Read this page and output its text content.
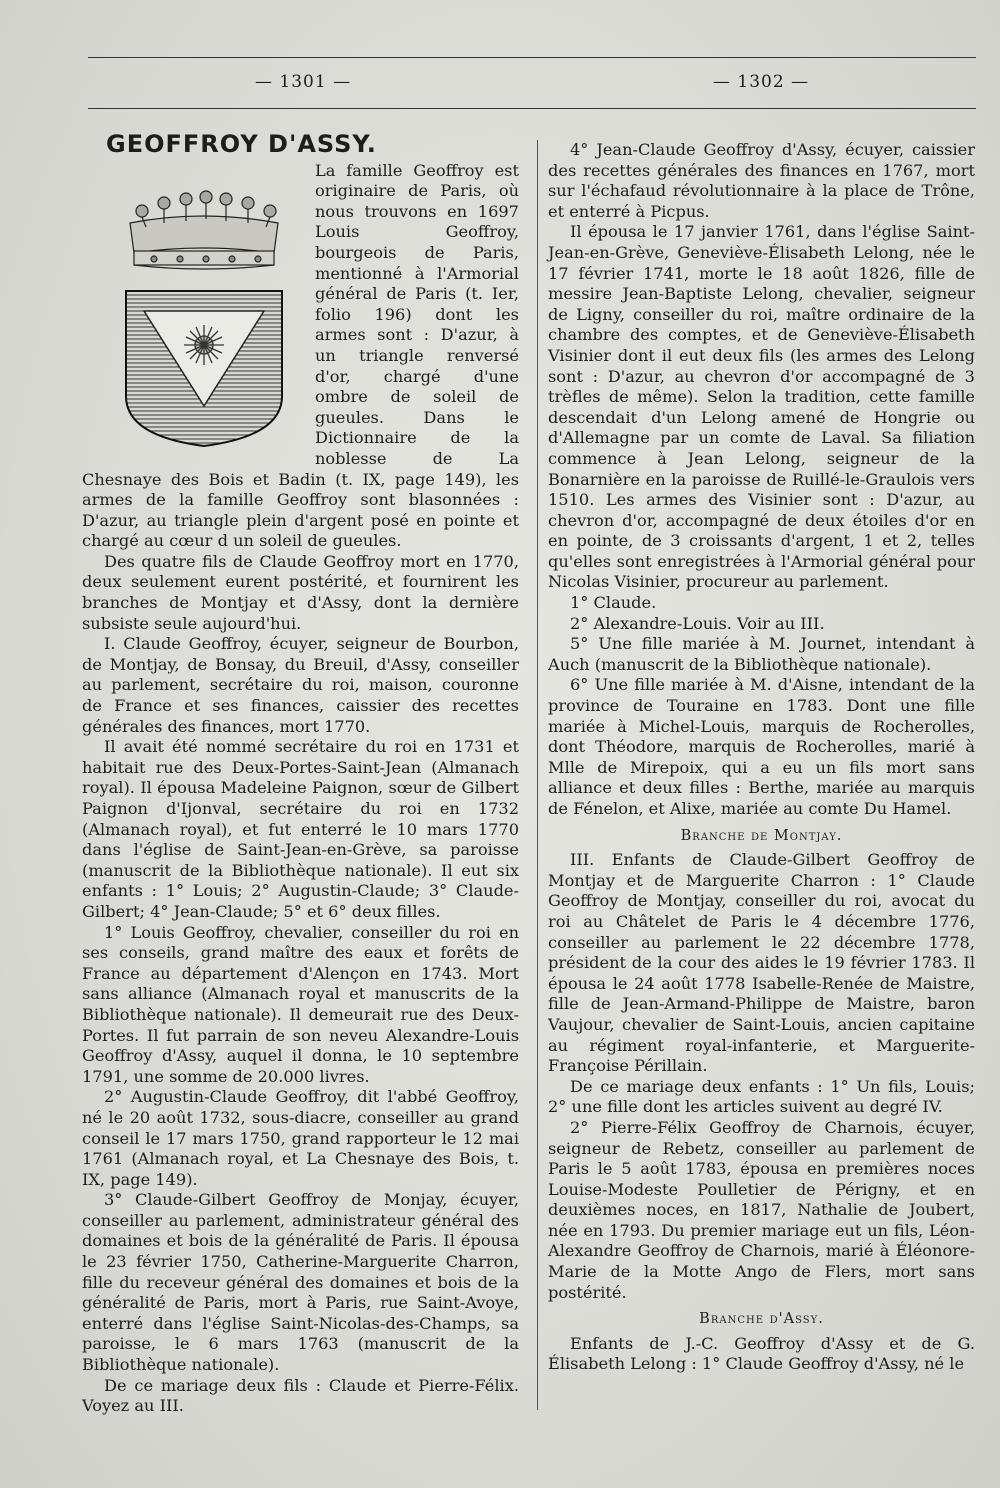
— 1301 —	— 1302 —
GEOFFROY D'ASSY.

La famille Geoffroy est originaire de Paris, où nous trouvons en 1697 Louis Geoffroy, bourgeois de Paris, mentionné à l'Armorial général de Paris (t. Ier, folio 196) dont les armes sont : D'azur, à un triangle renversé d'or, chargé d'une ombre de soleil de gueules. Dans le Dictionnaire de la noblesse de La Chesnaye des Bois et Badin (t. IX, page 149), les armes de la famille Geoffroy sont blasonnées : D'azur, au triangle plein d'argent posé en pointe et chargé au cœur d un soleil de gueules.

Des quatre fils de Claude Geoffroy mort en 1770, deux seulement eurent postérité, et fournirent les branches de Montjay et d'Assy, dont la dernière subsiste seule aujourd'hui.

I. Claude Geoffroy, écuyer, seigneur de Bourbon, de Montjay, de Bonsay, du Breuil, d'Assy, conseiller au parlement, secrétaire du roi, maison, couronne de France et ses finances, caissier des recettes générales des finances, mort 1770.

Il avait été nommé secrétaire du roi en 1731 et habitait rue des Deux-Portes-Saint-Jean (Almanach royal). Il épousa Madeleine Paignon, sœur de Gilbert Paignon d'Ijonval, secrétaire du roi en 1732 (Almanach royal), et fut enterré le 10 mars 1770 dans l'église de Saint-Jean-en-Grève, sa paroisse (manuscrit de la Bibliothèque nationale). Il eut six enfants : 1° Louis; 2° Augustin-Claude; 3° Claude-Gilbert; 4° Jean-Claude; 5° et 6° deux filles.

1° Louis Geoffroy, chevalier, conseiller du roi en ses conseils, grand maître des eaux et forêts de France au département d'Alençon en 1743. Mort sans alliance (Almanach royal et manuscrits de la Bibliothèque nationale). Il demeurait rue des Deux-Portes. Il fut parrain de son neveu Alexandre-Louis Geoffroy d'Assy, auquel il donna, le 10 septembre 1791, une somme de 20.000 livres.

2° Augustin-Claude Geoffroy, dit l'abbé Geoffroy, né le 20 août 1732, sous-diacre, conseiller au grand conseil le 17 mars 1750, grand rapporteur le 12 mai 1761 (Almanach royal, et La Chesnaye des Bois, t. IX, page 149).

3° Claude-Gilbert Geoffroy de Monjay, écuyer, conseiller au parlement, administrateur général des domaines et bois de la généralité de Paris. Il épousa le 23 février 1750, Catherine-Marguerite Charron, fille du receveur général des domaines et bois de la généralité de Paris, mort à Paris, rue Saint-Avoye, enterré dans l'église Saint-Nicolas-des-Champs, sa paroisse, le 6 mars 1763 (manuscrit de la Bibliothèque nationale).

De ce mariage deux fils : Claude et Pierre-Félix. Voyez au III.

4° Jean-Claude Geoffroy d'Assy, écuyer, caissier des recettes générales des finances en 1767, mort sur l'échafaud révolutionnaire à la place de Trône, et enterré à Picpus.

Il épousa le 17 janvier 1761, dans l'église Saint-Jean-en-Grève, Geneviève-Élisabeth Lelong, née le 17 février 1741, morte le 18 août 1826, fille de messire Jean-Baptiste Lelong, chevalier, seigneur de Ligny, conseiller du roi, maître ordinaire de la chambre des comptes, et de Geneviève-Élisabeth Visinier dont il eut deux fils (les armes des Lelong sont : D'azur, au chevron d'or accompagné de 3 trèfles de même). Selon la tradition, cette famille descendait d'un Lelong amené de Hongrie ou d'Allemagne par un comte de Laval. Sa filiation commence à Jean Lelong, seigneur de la Bonarnière en la paroisse de Ruillé-le-Graulois vers 1510. Les armes des Visinier sont : D'azur, au chevron d'or, accompagné de deux étoiles d'or en en pointe, de 3 croissants d'argent, 1 et 2, telles qu'elles sont enregistrées à l'Armorial général pour Nicolas Visinier, procureur au parlement.

1° Claude.

2° Alexandre-Louis. Voir au III.

5° Une fille mariée à M. Journet, intendant à Auch (manuscrit de la Bibliothèque nationale).

6° Une fille mariée à M. d'Aisne, intendant de la province de Touraine en 1783. Dont une fille mariée à Michel-Louis, marquis de Rocherolles, dont Théodore, marquis de Rocherolles, marié à Mlle de Mirepoix, qui a eu un fils mort sans alliance et deux filles : Berthe, mariée au marquis de Fénelon, et Alixe, mariée au comte Du Hamel.

Branche de Montjay.

III. Enfants de Claude-Gilbert Geoffroy de Montjay et de Marguerite Charron : 1° Claude Geoffroy de Montjay, conseiller du roi, avocat du roi au Châtelet de Paris le 4 décembre 1776, conseiller au parlement le 22 décembre 1778, président de la cour des aides le 19 février 1783. Il épousa le 24 août 1778 Isabelle-Renée de Maistre, fille de Jean-Armand-Philippe de Maistre, baron Vaujour, chevalier de Saint-Louis, ancien capitaine au régiment royal-infanterie, et Marguerite-Françoise Périllain.

De ce mariage deux enfants : 1° Un fils, Louis; 2° une fille dont les articles suivent au degré IV.

2° Pierre-Félix Geoffroy de Charnois, écuyer, seigneur de Rebetz, conseiller au parlement de Paris le 5 août 1783, épousa en premières noces Louise-Modeste Poulletier de Périgny, et en deuxièmes noces, en 1817, Nathalie de Joubert, née en 1793. Du premier mariage eut un fils, Léon-Alexandre Geoffroy de Charnois, marié à Éléonore-Marie de la Motte Ango de Flers, mort sans postérité.

Branche d'Assy.

Enfants de J.-C. Geoffroy d'Assy et de G. Élisabeth Lelong : 1° Claude Geoffroy d'Assy, né le
